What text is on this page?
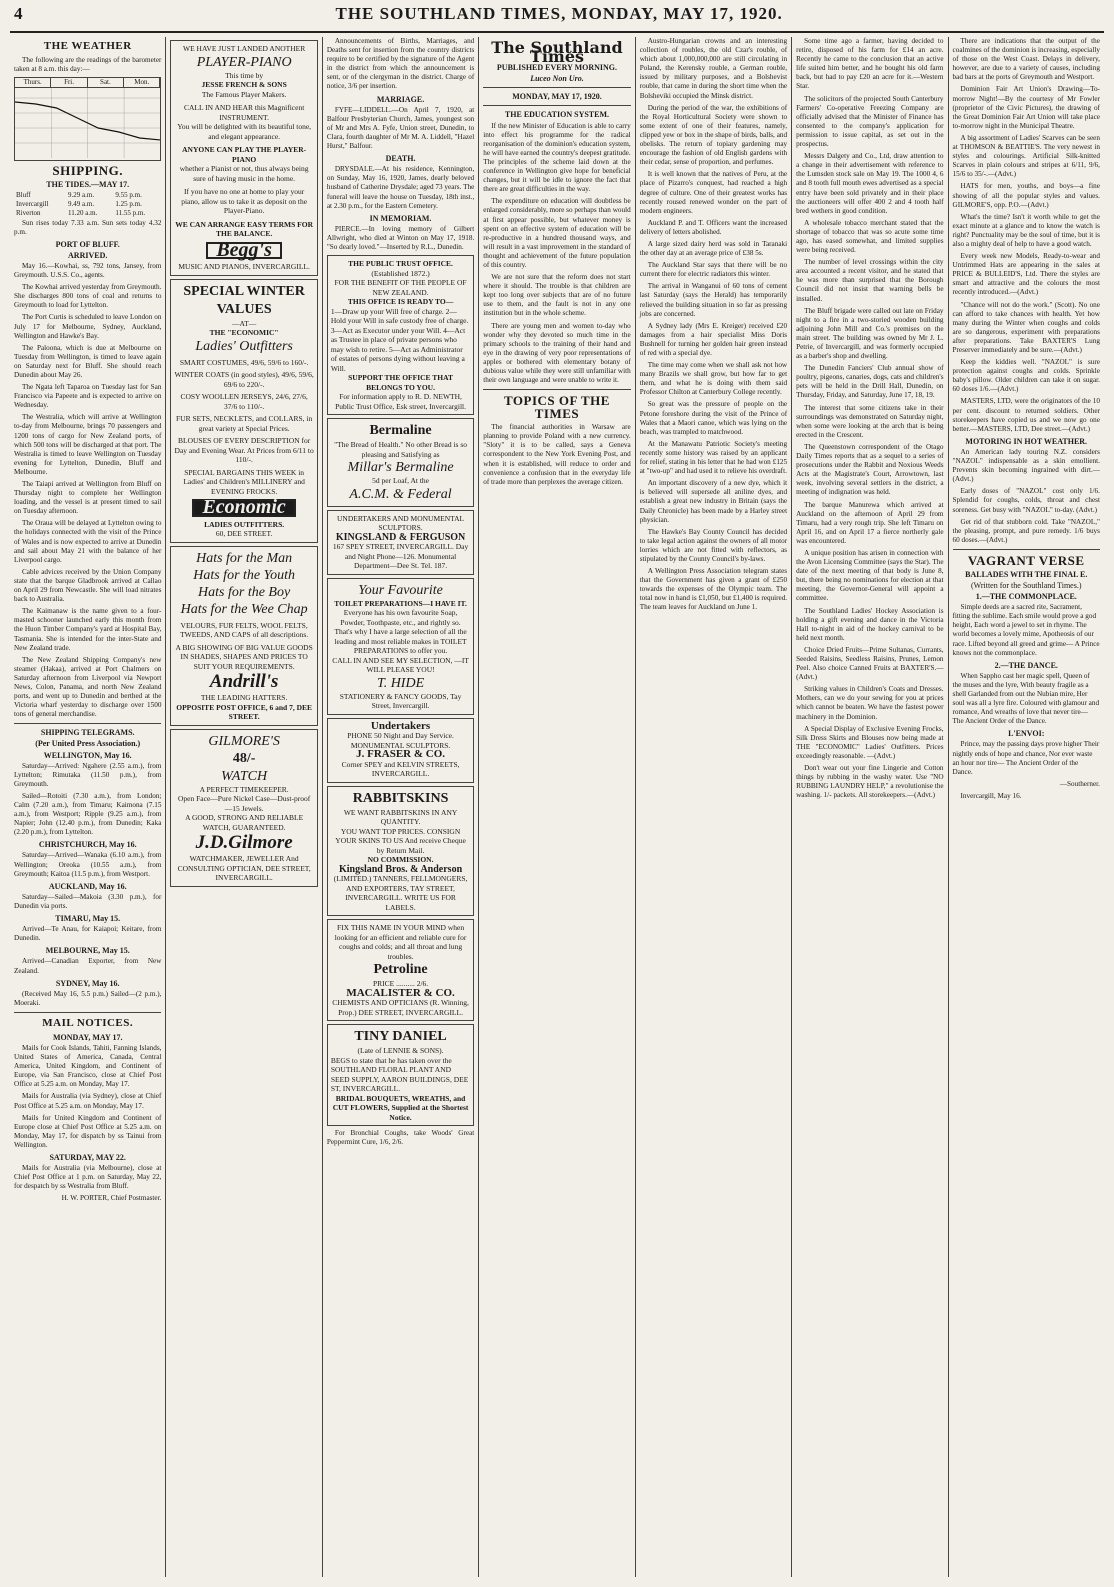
4	THE SOUTHLAND TIMES, MONDAY, MAY 17, 1920.

THE WEATHER

The following are the readings of the barometer taken at 8 a.m. this day:—

Thurs.	Fri.	Sat.	Mon.
SHIPPING.
THE TIDES.—MAY 17.
Bluff	9.29 a.m.	9.55 p.m.
Invercargill	9.49 a.m.	1.25 p.m.
Riverton	11.20 a.m.	11.55 p.m.

Sun rises today 7.33 a.m. Sun sets today 4.32 p.m.

PORT OF BLUFF.
ARRIVED.

May 16.—Kowhai, ss, 792 tons, Jansey, from Greymouth. U.S.S. Co., agents.

The Kowhai arrived yesterday from Greymouth. She discharges 800 tons of coal and returns to Greymouth to load for Lyttelton.

The Port Curtis is scheduled to leave London on July 17 for Melbourne, Sydney, Auckland, Wellington and Hawke's Bay.

The Paloona, which is due at Melbourne on Tuesday from Wellington, is timed to leave again on Saturday next for Bluff. She should reach Dunedin about May 26.

The Ngata left Taparoa on Tuesday last for San Francisco via Papeete and is expected to arrive on Wednesday.

The Westralia, which will arrive at Wellington to-day from Melbourne, brings 70 passengers and 1200 tons of cargo for New Zealand ports, of which 500 tons will be discharged at that port. The Westralia is timed to leave Wellington on Tuesday evening for Lyttelton, Dunedin, Bluff and Melbourne.

The Taiapi arrived at Wellington from Bluff on Thursday night to complete her Wellington loading, and the vessel is at present timed to sail on Tuesday afternoon.

The Oraua will be delayed at Lyttelton owing to the holidays connected with the visit of the Prince of Wales and is now expected to arrive at Dunedin and sail about May 21 with the balance of her Liverpool cargo.

Cable advices received by the Union Company state that the barque Gladbrook arrived at Callao on April 29 from Newcastle. She will load nitrates back to Australia.

The Kaimanaw is the name given to a four-masted schooner launched early this month from the Huon Timber Company's yard at Hospital Bay, Tasmania. She is intended for the inter-State and New Zealand trade.

The New Zealand Shipping Company's new steamer (Hakaa), arrived at Port Chalmers on Saturday afternoon from Liverpool via Newport News, Colon, Panama, and north New Zealand ports, and went up to Dunedin and berthed at the Victoria wharf yesterday to discharge over 1500 tons of general merchandise.

SHIPPING TELEGRAMS.
(Per United Press Association.)
WELLINGTON, May 16.

Saturday—Arrived: Ngahere (2.55 a.m.), from Lyttelton; Rimutaka (11.50 p.m.), from Greymouth.

Sailed—Rotoiti (7.30 a.m.), from London; Calm (7.20 a.m.), from Timaru; Kaimona (7.15 a.m.), from Westport; Ripple (9.25 a.m.), from Napier; John (12.40 p.m.), from Dunedin; Kaka (2.20 p.m.), from Lyttelton.

CHRISTCHURCH, May 16.

Saturday—Arrived—Wanaka (6.10 a.m.), from Wellington; Oreoka (10.55 a.m.), from Greymouth; Kaitoa (11.5 p.m.), from Westport.

AUCKLAND, May 16.

Saturday—Sailed—Makoia (3.30 p.m.), for Dunedin via ports.

TIMARU, May 15.

Arrived—Te Anau, for Kaiapoi; Keitare, from Dunedin.

MELBOURNE, May 15.

Arrived—Canadian Exporter, from New Zealand.

SYDNEY, May 16.

(Received May 16, 5.5 p.m.) Sailed—(2 p.m.), Moeraki.

MAIL NOTICES.
MONDAY, MAY 17.

Mails for Cook Islands, Tahiti, Fanning Islands, United States of America, Canada, Central America, United Kingdom, and Continent of Europe, via San Francisco, close at Chief Post Office at 5.25 a.m. on Monday, May 17.

Mails for Australia (via Sydney), close at Chief Post Office at 5.25 a.m. on Monday, May 17.

Mails for United Kingdom and Continent of Europe close at Chief Post Office at 5.25 a.m. on Monday, May 17, for dispatch by ss Tainui from Wellington.

SATURDAY, MAY 22.

Mails for Australia (via Melbourne), close at Chief Post Office at 1 p.m. on Saturday, May 22, for despatch by ss Westralia from Bluff.

H. W. PORTER, Chief Postmaster.

WE HAVE JUST LANDED ANOTHER
PLAYER-PIANO
This time by
JESSE FRENCH & SONS
The Famous Player Makers.
CALL IN AND HEAR this Magnificent INSTRUMENT.
You will be delighted with its beautiful tone, and elegant appearance.
ANYONE CAN PLAY THE PLAYER-PIANO
whether a Pianist or not, thus always being sure of having music in the home.
If you have no one at home to play your piano, allow us to take it as deposit on the Player-Piano.
WE CAN ARRANGE EASY TERMS FOR THE BALANCE.
Begg's
MUSIC AND PIANOS, INVERCARGILL.
SPECIAL WINTER
VALUES
—AT—
THE "ECONOMIC"
Ladies' Outfitters
SMART COSTUMES, 49/6, 59/6 to 160/-.
WINTER COATS (in good styles), 49/6, 59/6, 69/6 to 220/-.
COSY WOOLLEN JERSEYS, 24/6, 27/6, 37/6 to 110/-.
FUR SETS, NECKLETS, and COLLARS, in great variety at Special Prices.
BLOUSES OF EVERY DESCRIPTION for Day and Evening Wear. At Prices from 6/11 to 110/-.
SPECIAL BARGAINS THIS WEEK in Ladies' and Children's MILLINERY and EVENING FROCKS.
Economic
LADIES OUTFITTERS.
60, DEE STREET.
Hats for the Man
Hats for the Youth
Hats for the Boy
Hats for the Wee Chap
VELOURS, FUR FELTS, WOOL FELTS, TWEEDS, AND CAPS of all descriptions.
A BIG SHOWING OF BIG VALUE GOODS IN SHADES, SHAPES AND PRICES TO SUIT YOUR REQUIREMENTS.
Andrill's
THE LEADING HATTERS.
OPPOSITE POST OFFICE, 6 and 7, DEE STREET.
GILMORE'S
48/-
WATCH
A PERFECT TIMEKEEPER.
Open Face—Pure Nickel Case—Dust-proof—15 Jewels.
A GOOD, STRONG AND RELIABLE WATCH, GUARANTEED.
J.D.Gilmore
WATCHMAKER, JEWELLER And CONSULTING OPTICIAN, DEE STREET, INVERCARGILL.

Announcements of Births, Marriages, and Deaths sent for insertion from the country districts require to be certified by the signature of the Agent in the district from which the announcement is sent, or of the clergyman in the district. Charge of notice, 3/6 per insertion.

MARRIAGE.

FYFE—LIDDELL.—On April 7, 1920, at Balfour Presbyterian Church, James, youngest son of Mr and Mrs A. Fyfe, Union street, Dunedin, to Clara, fourth daughter of Mr M. A. Liddell, "Hazel Hurst," Balfour.

DEATH.

DRYSDALE.—At his residence, Kennington, on Sunday, May 16, 1920, James, dearly beloved husband of Catherine Drysdale; aged 73 years. The funeral will leave the house on Tuesday, 18th inst., at 2.30 p.m., for the Eastern Cemetery.

IN MEMORIAM.

PIERCE.—In loving memory of Gilbert Allwright, who died at Winton on May 17, 1918. "So dearly loved."—Inserted by R.L., Dunedin.

THE PUBLIC TRUST OFFICE.
(Established 1872.)
FOR THE BENEFIT OF THE PEOPLE OF NEW ZEALAND.
THIS OFFICE IS READY TO—
1—Draw up your Will free of charge. 2—Hold your Will in safe custody free of charge. 3—Act as Executor under your Will. 4—Act as Trustee in place of private persons who may wish to retire. 5—Act as Administrator of estates of persons dying without leaving a Will.
SUPPORT THE OFFICE THAT BELONGS TO YOU.
For information apply to R. D. NEWTH, Public Trust Office, Esk street, Invercargill.
Bermaline
"The Bread of Health." No other Bread is so pleasing and Satisfying as
Millar's Bermaline
5d per Loaf, At the
A.C.M. & Federal
UNDERTAKERS AND MONUMENTAL SCULPTORS.
KINGSLAND & FERGUSON
167 SPEY STREET, INVERCARGILL. Day and Night Phone—126. Monumental Department—Dee St. Tel. 187.
Your Favourite
TOILET PREPARATIONS—I HAVE IT.
Everyone has his own favourite Soap, Powder, Toothpaste, etc., and rightly so. That's why I have a large selection of all the leading and most reliable makes in TOILET PREPARATIONS to offer you.
CALL IN AND SEE MY SELECTION, —IT WILL PLEASE YOU!
T. HIDE
STATIONERY & FANCY GOODS, Tay Street, Invercargill.
Undertakers
PHONE 50 Night and Day Service. MONUMENTAL SCULPTORS.
J. FRASER & CO.
Corner SPEY and KELVIN STREETS, INVERCARGILL.
RABBITSKINS
WE WANT RABBITSKINS IN ANY QUANTITY.
YOU WANT TOP PRICES. CONSIGN YOUR SKINS TO US And receive Cheque by Return Mail.
NO COMMISSION.
Kingsland Bros. & Anderson
(LIMITED.) TANNERS, FELLMONGERS, AND EXPORTERS, TAY STREET, INVERCARGILL. WRITE US FOR LABELS.
FIX THIS NAME IN YOUR MIND when looking for an efficient and reliable cure for coughs and colds; and all throat and lung troubles.
Petroline
PRICE .......... 2/6.
MACALISTER & CO.
CHEMISTS AND OPTICIANS (R. Winning, Prop.) DEE STREET, INVERCARGILL.
TINY DANIEL
(Late of LENNIE & SONS).
BEGS to state that he has taken over the SOUTHLAND FLORAL PLANT AND SEED SUPPLY, AARON BUILDINGS, DEE ST, INVERCARGILL.
BRIDAL BOUQUETS, WREATHS, and CUT FLOWERS, Supplied at the Shortest Notice.

For Bronchial Coughs, take Woods' Great Peppermint Cure, 1/6, 2/6.

The Southland Times
PUBLISHED EVERY MORNING.
Luceo Non Uro.
MONDAY, MAY 17, 1920.
THE EDUCATION SYSTEM.

If the new Minister of Education is able to carry into effect his programme for the radical reorganisation of the dominion's education system, he will have earned the country's deepest gratitude. The principles of the scheme laid down at the conference in Wellington give hope for beneficial changes, but it will be idle to ignore the fact that there are great difficulties in the way.

The expenditure on education will doubtless be enlarged considerably, more so perhaps than would at first appear possible, but whatever money is spent on an effective system of education will be re-productive in a hundred thousand ways, and will result in a vast improvement in the standard of thought and achievement of the future population of this country.

We are not sure that the reform does not start where it should. The trouble is that children are kept too long over subjects that are of no future use to them, and the fault is not in any one institution but in the whole scheme.

There are young men and women to-day who wonder why they devoted so much time in the primary schools to the training of their hand and eye in the drawing of very poor representations of apples or bothered with elementary botany of dubious value while they were still unfamiliar with their own language and were unable to write it.

TOPICS OF THE TIMES

The financial authorities in Warsaw are planning to provide Poland with a new currency. "Sloty" it is to be called, says a Geneva correspondent to the New York Evening Post, and when it is established, will reduce to order and convenience a confusion that in the everyday life of trade more than perplexes the average citizen.

Austro-Hungarian crowns and an interesting collection of roubles, the old Czar's rouble, of which about 1,000,000,000 are still circulating in Poland, the Kerensky rouble, a German rouble, issued by military purposes, and a Bolshevist rouble, that came in during the short time when the Bolsheviki occupied the Minsk district.

During the period of the war, the exhibitions of the Royal Horticultural Society were shown to some extent of one of their features, namely, clipped yew or box in the shape of birds, balls, and obelisks. The return of topiary gardening may encourage the fashion of old English gardens with their cedar, sense of proportion, and perfumes.

It is well known that the natives of Peru, at the place of Pizarro's conquest, had reached a high degree of culture. One of their greatest works has recently roused renewed wonder on the part of modern engineers.

Auckland P. and T. Officers want the increased delivery of letters abolished.

A large sized dairy herd was sold in Taranaki the other day at an average price of £38 5s.

The Auckland Star says that there will be no current there for electric radiators this winter.

The arrival in Wanganui of 60 tons of cement last Saturday (says the Herald) has temporarily relieved the building situation in so far as pressing jobs are concerned.

A Sydney lady (Mrs E. Kreiger) received £20 damages from a hair specialist Miss Doris Bushnell for turning her golden hair green instead of red with a special dye.

The time may come when we shall ask not how many Brazils we shall grow, but how far to get them, and what he is doing with them said Professor Chilton at Canterbury College recently.

So great was the pressure of people on the Petone foreshore during the visit of the Prince of Wales that a Maori canoe, which was lying on the beach, was trampled to matchwood.

At the Manawatu Patriotic Society's meeting recently some history was raised by an applicant for relief, stating in his letter that he had won £125 at "two-up" and had used it to relieve his overdraft.

An important discovery of a new dye, which it is believed will supersede all aniline dyes, and establish a great new industry in Britain (says the Daily Chronicle) has been made by a Harley street physician.

The Hawke's Bay County Council has decided to take legal action against the owners of all motor lorries which are not fitted with reflectors, as stipulated by the County Council's by-laws.

A Wellington Press Association telegram states that the Government has given a grant of £250 towards the expenses of the Olympic team. The total now in hand is £1,050, but £1,400 is required. The team leaves for Auckland on June 1.

Some time ago a farmer, having decided to retire, disposed of his farm for £14 an acre. Recently he came to the conclusion that an active life suited him better, and he bought his old farm back, but had to pay £20 an acre for it.—Western Star.

The solicitors of the projected South Canterbury Farmers' Co-operative Freezing Company are officially advised that the Minister of Finance has consented to the company's application for permission to issue capital, as set out in the prospectus.

Messrs Dalgety and Co., Ltd, draw attention to a change in their advertisement with reference to the Lumsden stock sale on May 19. The 1000 4, 6 and 8 tooth full mouth ewes advertised as a special entry have been sold privately and in their place the auctioneers will offer 400 2 and 4 tooth half bred wethers in good condition.

A wholesale tobacco merchant stated that the shortage of tobacco that was so acute some time ago, has eased somewhat, and limited supplies were being received.

The number of level crossings within the city area accounted a recent visitor, and he stated that he was more than surprised that the Borough Council did not insist that warning bells be installed.

The Bluff brigade were called out late on Friday night to a fire in a two-storied wooden building adjoining John Mill and Co.'s premises on the main street. The building was owned by Mr J. L. Petrie, of Invercargill, and was formerly occupied as a barber's shop and dwelling.

The Dunedin Fanciers' Club annual show of poultry, pigeons, canaries, dogs, cats and children's pets will be held in the Drill Hall, Dunedin, on Thursday, Friday, and Saturday, June 17, 18, 19.

The interest that some citizens take in their surroundings was demonstrated on Saturday night, when some were looking at the arch that is being erected in the Crescent.

The Queenstown correspondent of the Otago Daily Times reports that as a sequel to a series of prosecutions under the Rabbit and Noxious Weeds Acts at the Magistrate's Court, Arrowtown, last week, involving several settlers in the district, a meeting of indignation was held.

The barque Manurewa which arrived at Auckland on the afternoon of April 29 from Timaru, had a very rough trip. She left Timaru on April 16, and on April 17 a fierce northerly gale was encountered.

A unique position has arisen in connection with the Avon Licensing Committee (says the Star). The date of the next meeting of that body is June 8, but, there being no nominations for election at that meeting, the Governor-General will appoint a committee.

The Southland Ladies' Hockey Association is holding a gift evening and dance in the Victoria Hall to-night in aid of the hockey carnival to be held next month.

Choice Dried Fruits—Prime Sultanas, Currants, Seeded Raisins, Seedless Raisins, Prunes, Lemon Peel. Also choice Canned Fruits at BAXTER'S.—(Advt.)

Striking values in Children's Coats and Dresses. Mothers, can we do your sewing for you at prices which cannot be beaten. We have the fastest power machinery in the Dominion.

A Special Display of Exclusive Evening Frocks, Silk Dress Skirts and Blouses now being made at THE "ECONOMIC" Ladies' Outfitters. Prices exceedingly reasonable. —(Advt.)

Don't wear out your fine Lingerie and Cotton things by rubbing in the washy water. Use "NO RUBBING LAUNDRY HELP," a revolutionise the washing. 1/- packets. All storekeepers.—(Advt.)

There are indications that the output of the coalmines of the dominion is increasing, especially of those on the West Coast. Delays in delivery, however, are due to a variety of causes, including bad bars at the ports of Greymouth and Westport.

Dominion Fair Art Union's Drawing—To-morrow Night!—By the courtesy of Mr Fowler (proprietor of the Civic Pictures), the drawing of the Great Dominion Fair Art Union will take place to-morrow night in the Municipal Theatre.

A big assortment of Ladies' Scarves can be seen at THOMSON & BEATTIE'S. The very newest in styles and colourings. Artificial Silk-knitted Scarves in plain colours and stripes at 6/11, 9/6, 15/6 to 35/-.—(Advt.)

HATS for men, youths, and boys—a fine showing of all the popular styles and values. GILMORE'S, opp. P.O.—(Advt.)

What's the time? Isn't it worth while to get the exact minute at a glance and to know the watch is right? Punctuality may be the soul of time, but it is also a mighty deal of help to have a good watch.

Every week new Models, Ready-to-wear and Untrimmed Hats are appearing in the sales at PRICE & BULLEID'S, Ltd. There the styles are smart and attractive and the colours the most recently introduced.—(Advt.)

"Chance will not do the work." (Scott). No one can afford to take chances with health. Yet how many during the Winter when coughs and colds are so dangerous, experiment with preparations after preparations. Take BAXTER'S Lung Preserver immediately and be sure.—(Advt.)

Keep the kiddies well. "NAZOL" is sure protection against coughs and colds. Sprinkle baby's pillow. Older children can take it on sugar. 60 doses 1/6.—(Advt.)

MASTERS, LTD, were the originators of the 10 per cent. discount to returned soldiers. Other storekeepers have copied us and we now go one better.—MASTERS, LTD, Dee street.—(Advt.)

MOTORING IN HOT WEATHER.

An American lady touring N.Z. considers "NAZOL" indispensable as a skin emollient. Prevents skin becoming ingrained with dirt.—(Advt.)

Early doses of "NAZOL" cost only 1/6. Splendid for coughs, colds, throat and chest soreness. Get busy with "NAZOL" to-day. (Advt.)

Get rid of that stubborn cold. Take "NAZOL," the pleasing, prompt, and pure remedy. 1/6 buys 60 doses.—(Advt.)

VAGRANT VERSE
BALLADES WITH THE FINAL E.
(Written for the Southland Times.)
1.—THE COMMONPLACE.

Simple deeds are a sacred rite, Sacrament, fitting the sublime. Each smile would prove a god height, Each word a jewel to set in rhyme. The world becomes a lovely mime, Apotheosis of our race. Lifted beyond all greed and grime— A Prince knows not the commonplace.

2.—THE DANCE.

When Sappho cast her magic spell, Queen of the muses and the lyre, With beauty fragile as a shell Garlanded from out the Nubian mire, Her soul was all a lyre fire. Coloured with glamour and romance, And wreaths of love that never tire— The Ancient Order of the Dance.

L'ENVOI:

Prince, may the passing days prove higher Their nightly ends of hope and chance, Nor ever waste an hour nor tire— The Ancient Order of the Dance.

—Southerner.

Invercargill, May 16.
